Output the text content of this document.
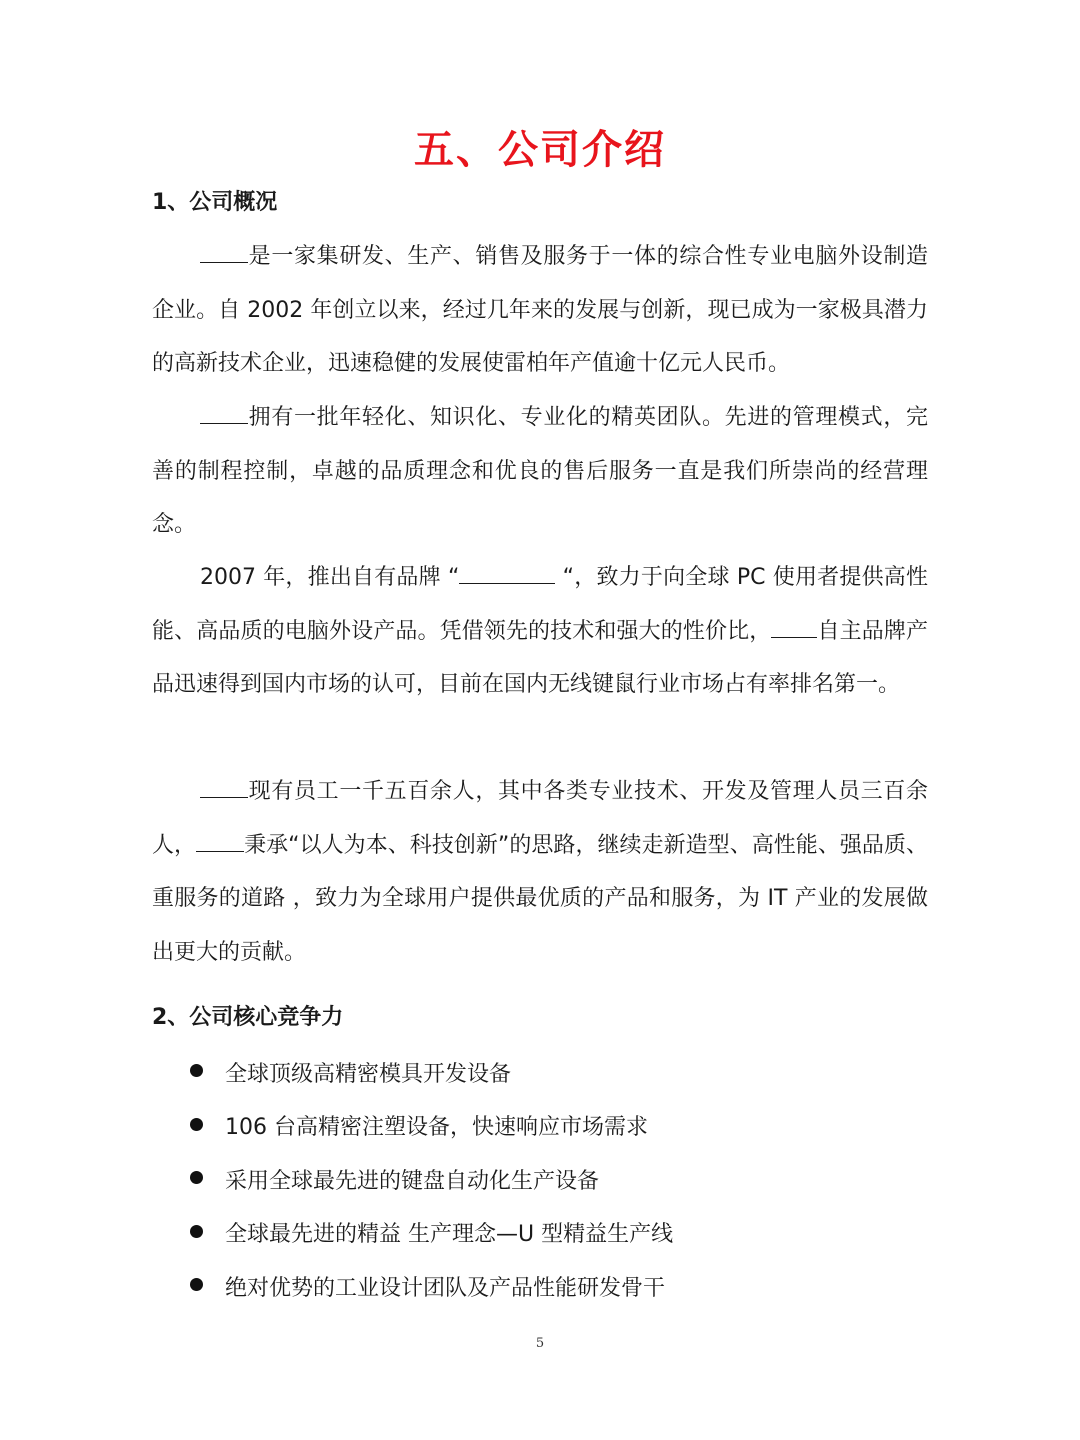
五、公司介绍
1、公司概况

是一家集研发、生产、销售及服务于一体的综合性专业电脑外设制造企业。自 2002 年创立以来，经过几年来的发展与创新，现已成为一家极具潜力的高新技术企业，迅速稳健的发展使雷柏年产值逾十亿元人民币。

拥有一批年轻化、知识化、专业化的精英团队。先进的管理模式，完善的制程控制，卓越的品质理念和优良的售后服务一直是我们所崇尚的经营理念。

2007 年，推出自有品牌 “	“，致力于向全球 PC 使用者提供高性能、高品质的电脑外设产品。凭借领先的技术和强大的性价比， 自主品牌产品迅速得到国内市场的认可，目前在国内无线键鼠行业市场占有率排名第一。

现有员工一千五百余人，其中各类专业技术、开发及管理人员三百余人， 秉承“以人为本、科技创新”的思路，继续走新造型、高性能、强品质、重服务的道路 ，致力为全球用户提供最优质的产品和服务，为 IT 产业的发展做出更大的贡献。

2、公司核心竞争力
全球顶级高精密模具开发设备
106 台高精密注塑设备，快速响应市场需求
采用全球最先进的键盘自动化生产设备
全球最先进的精益 生产理念—U 型精益生产线
绝对优势的工业设计团队及产品性能研发骨干
5
